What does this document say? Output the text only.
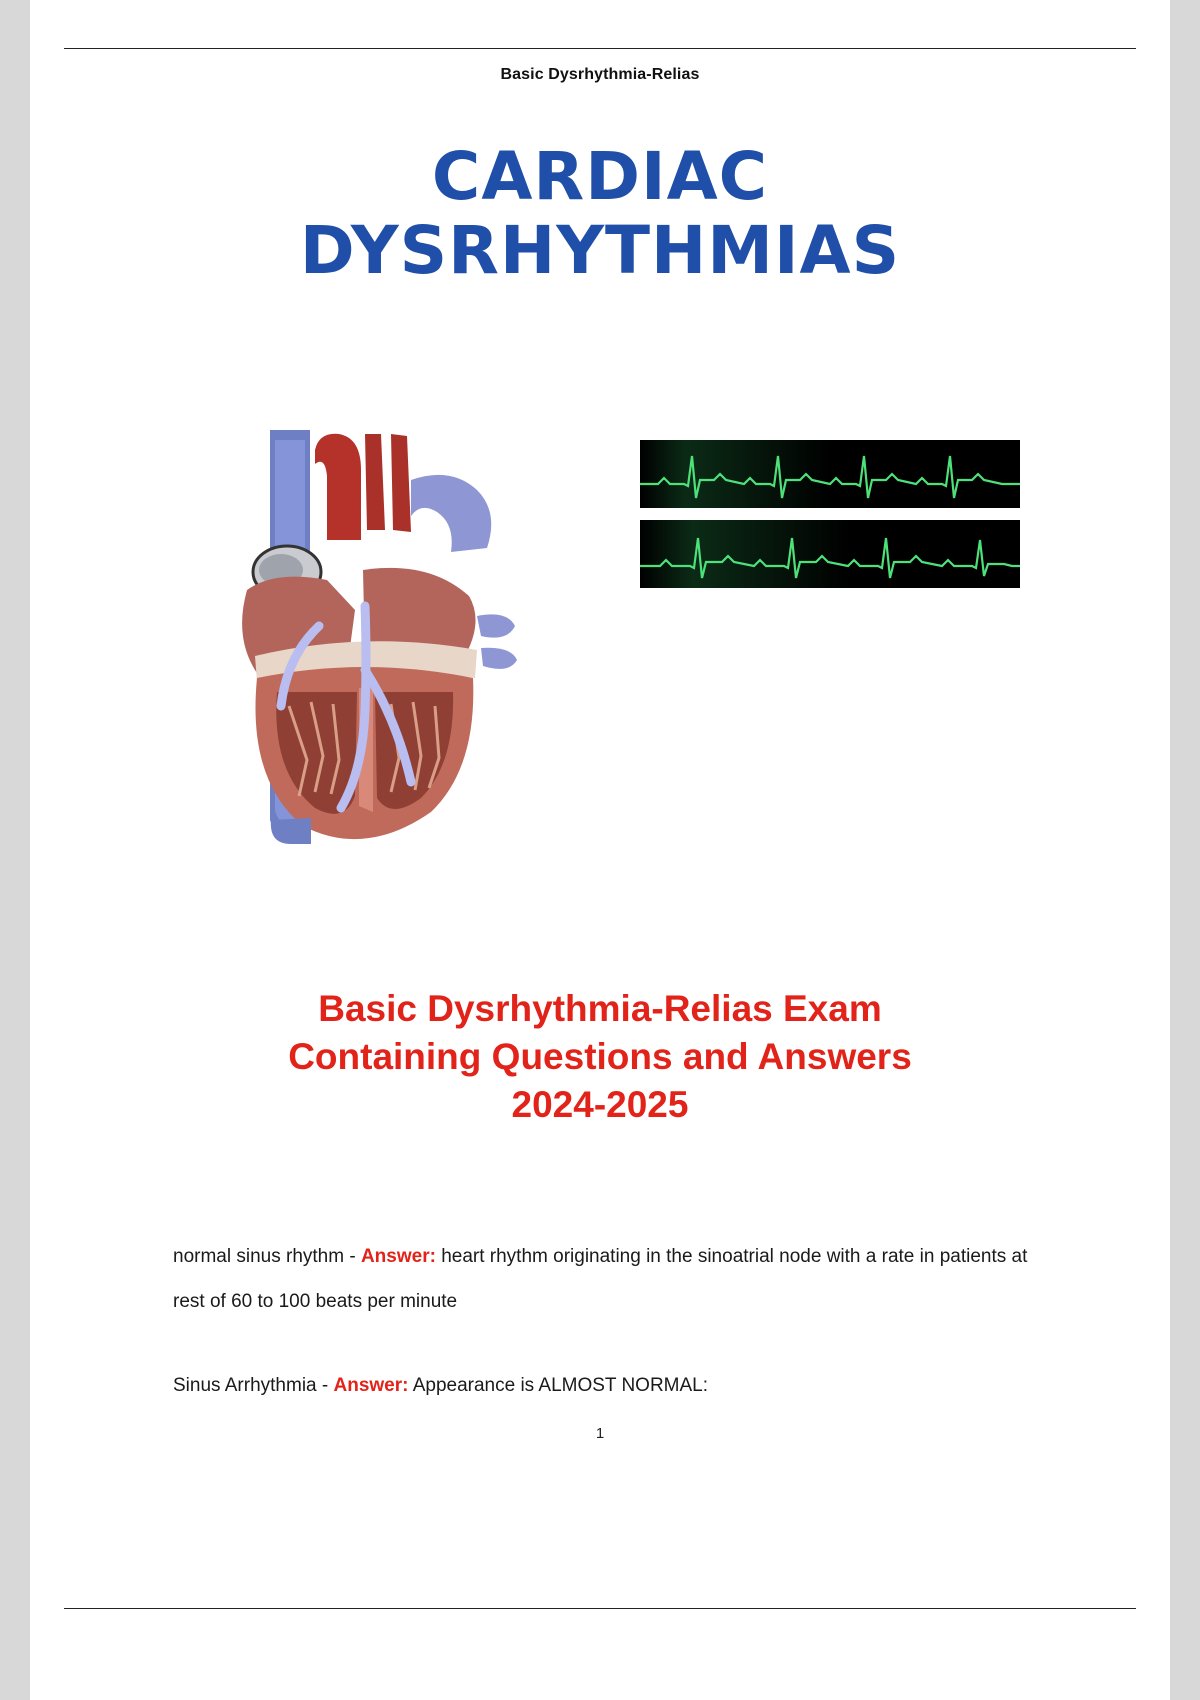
Basic Dysrhythmia-Relias
CARDIAC
DYSRHYTHMIAS
Basic Dysrhythmia-Relias Exam
Containing Questions and Answers
2024-2025

normal sinus rhythm - Answer: heart rhythm originating in the sinoatrial node with a rate in patients at rest of 60 to 100 beats per minute

Sinus Arrhythmia - Answer: Appearance is ALMOST NORMAL:

1
